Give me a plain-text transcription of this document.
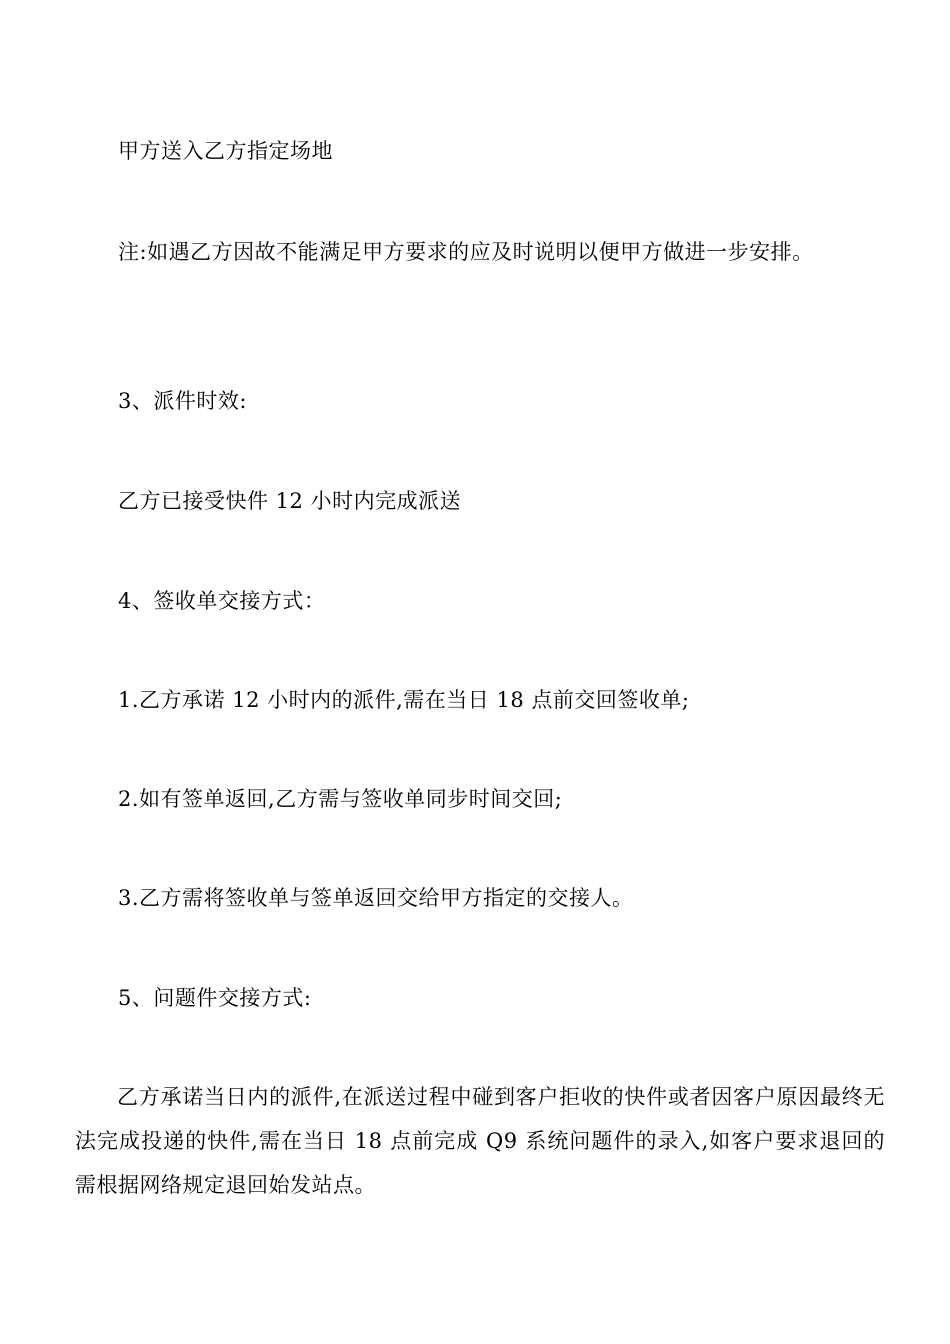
甲方送入乙方指定场地
注:如遇乙方因故不能满足甲方要求的应及时说明以便甲方做进一步安排。
3、派件时效:
乙方已接受快件 12 小时内完成派送
4、签收单交接方式：
1.乙方承诺 12 小时内的派件,需在当日 18 点前交回签收单;
2.如有签单返回,乙方需与签收单同步时间交回;
3.乙方需将签收单与签单返回交给甲方指定的交接人。
5、问题件交接方式:
乙方承诺当日内的派件,在派送过程中碰到客户拒收的快件或者因客户原因最终无法完成投递的快件,需在当日 18 点前完成 Q9 系统问题件的录入,如客户要求退回的需根据网络规定退回始发站点。
